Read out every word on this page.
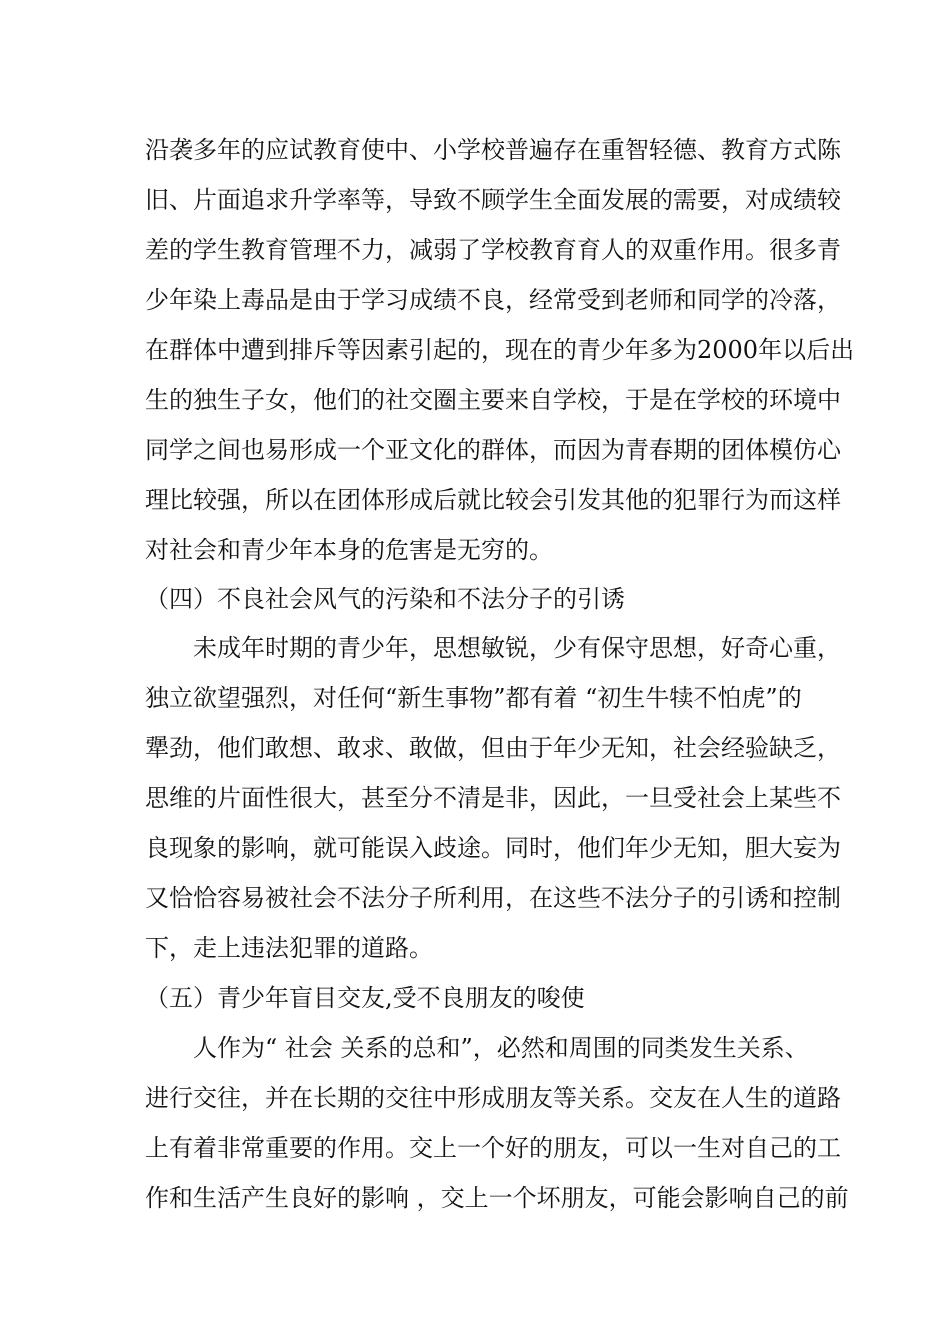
沿袭多年的应试教育使中、小学校普遍存在重智轻德、教育方式陈
旧、片面追求升学率等，导致不顾学生全面发展的需要，对成绩较
差的学生教育管理不力，减弱了学校教育育人的双重作用。很多青
少年染上毒品是由于学习成绩不良，经常受到老师和同学的冷落，
在群体中遭到排斥等因素引起的，现在的青少年多为2000年以后出
生的独生子女，他们的社交圈主要来自学校，于是在学校的环境中
同学之间也易形成一个亚文化的群体，而因为青春期的团体模仿心
理比较强，所以在团体形成后就比较会引发其他的犯罪行为而这样
对社会和青少年本身的危害是无穷的。
（四）不良社会风气的污染和不法分子的引诱
未成年时期的青少年，思想敏锐，少有保守思想，好奇心重，
独立欲望强烈，对任何“新生事物”都有着 “初生牛犊不怕虎”的
犟劲，他们敢想、敢求、敢做，但由于年少无知，社会经验缺乏，
思维的片面性很大，甚至分不清是非，因此，一旦受社会上某些不
良现象的影响，就可能误入歧途。同时，他们年少无知，胆大妄为
又恰恰容易被社会不法分子所利用，在这些不法分子的引诱和控制
下，走上违法犯罪的道路。
（五）青少年盲目交友,受不良朋友的唆使
人作为“ 社会 关系的总和”，必然和周围的同类发生关系、
进行交往，并在长期的交往中形成朋友等关系。交友在人生的道路
上有着非常重要的作用。交上一个好的朋友，可以一生对自己的工
作和生活产生良好的影响 ，交上一个坏朋友，可能会影响自己的前
